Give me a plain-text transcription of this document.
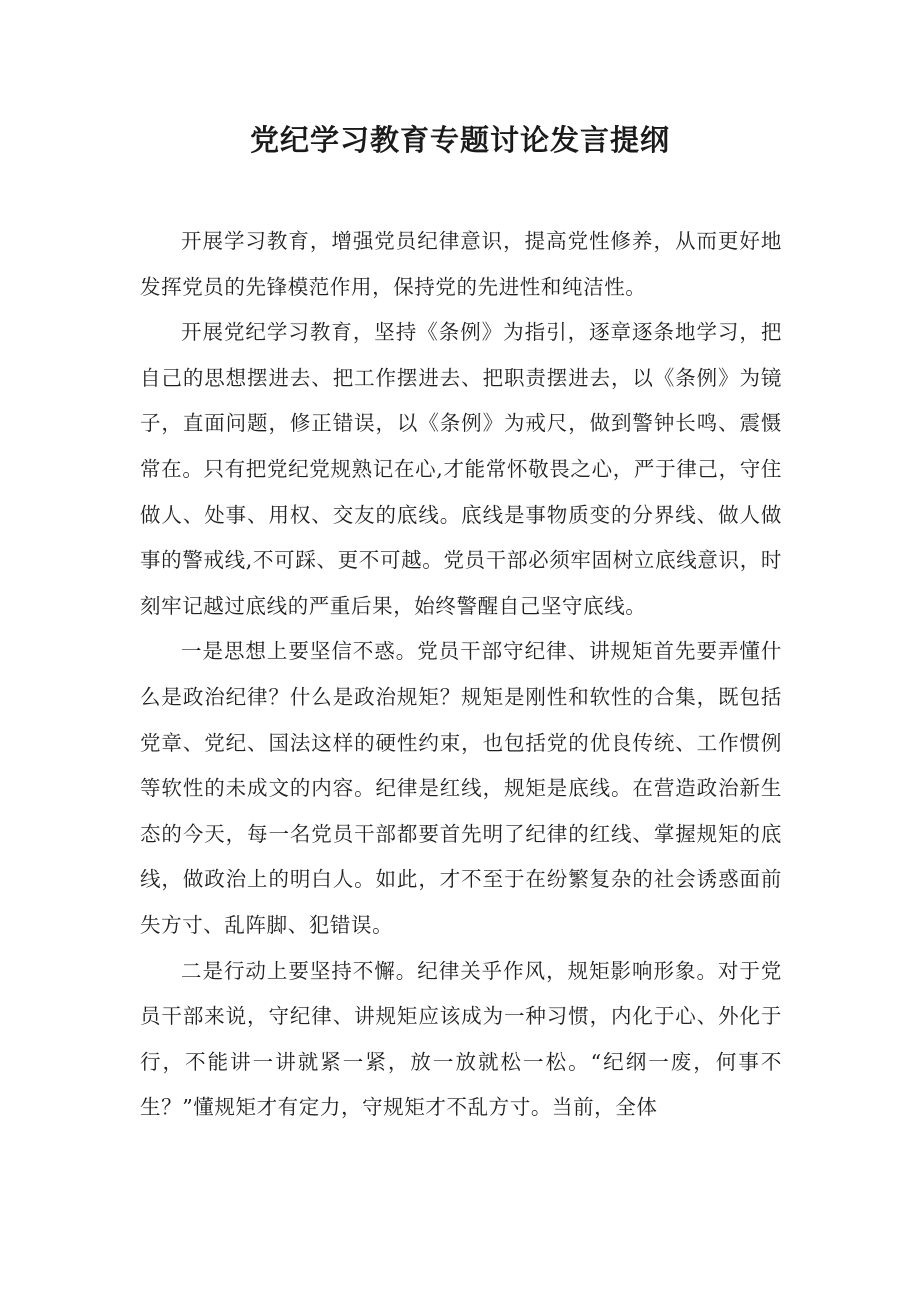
党纪学习教育专题讨论发言提纲

开展学习教育，增强党员纪律意识，提高党性修养，从而更好地发挥党员的先锋模范作用，保持党的先进性和纯洁性。

开展党纪学习教育，坚持《条例》为指引，逐章逐条地学习，把自己的思想摆进去、把工作摆进去、把职责摆进去，以《条例》为镜子，直面问题，修正错误，以《条例》为戒尺，做到警钟长鸣、震慑常在。只有把党纪党规熟记在心,才能常怀敬畏之心，严于律己，守住做人、处事、用权、交友的底线。底线是事物质变的分界线、做人做事的警戒线,不可踩、更不可越。党员干部必须牢固树立底线意识，时刻牢记越过底线的严重后果，始终警醒自己坚守底线。

一是思想上要坚信不惑。党员干部守纪律、讲规矩首先要弄懂什么是政治纪律？什么是政治规矩？规矩是刚性和软性的合集，既包括党章、党纪、国法这样的硬性约束，也包括党的优良传统、工作惯例等软性的未成文的内容。纪律是红线，规矩是底线。在营造政治新生态的今天，每一名党员干部都要首先明了纪律的红线、掌握规矩的底线，做政治上的明白人。如此，才不至于在纷繁复杂的社会诱惑面前失方寸、乱阵脚、犯错误。

二是行动上要坚持不懈。纪律关乎作风，规矩影响形象。对于党员干部来说，守纪律、讲规矩应该成为一种习惯，内化于心、外化于行，不能讲一讲就紧一紧，放一放就松一松。“纪纲一废，何事不生？”懂规矩才有定力，守规矩才不乱方寸。当前，全体
